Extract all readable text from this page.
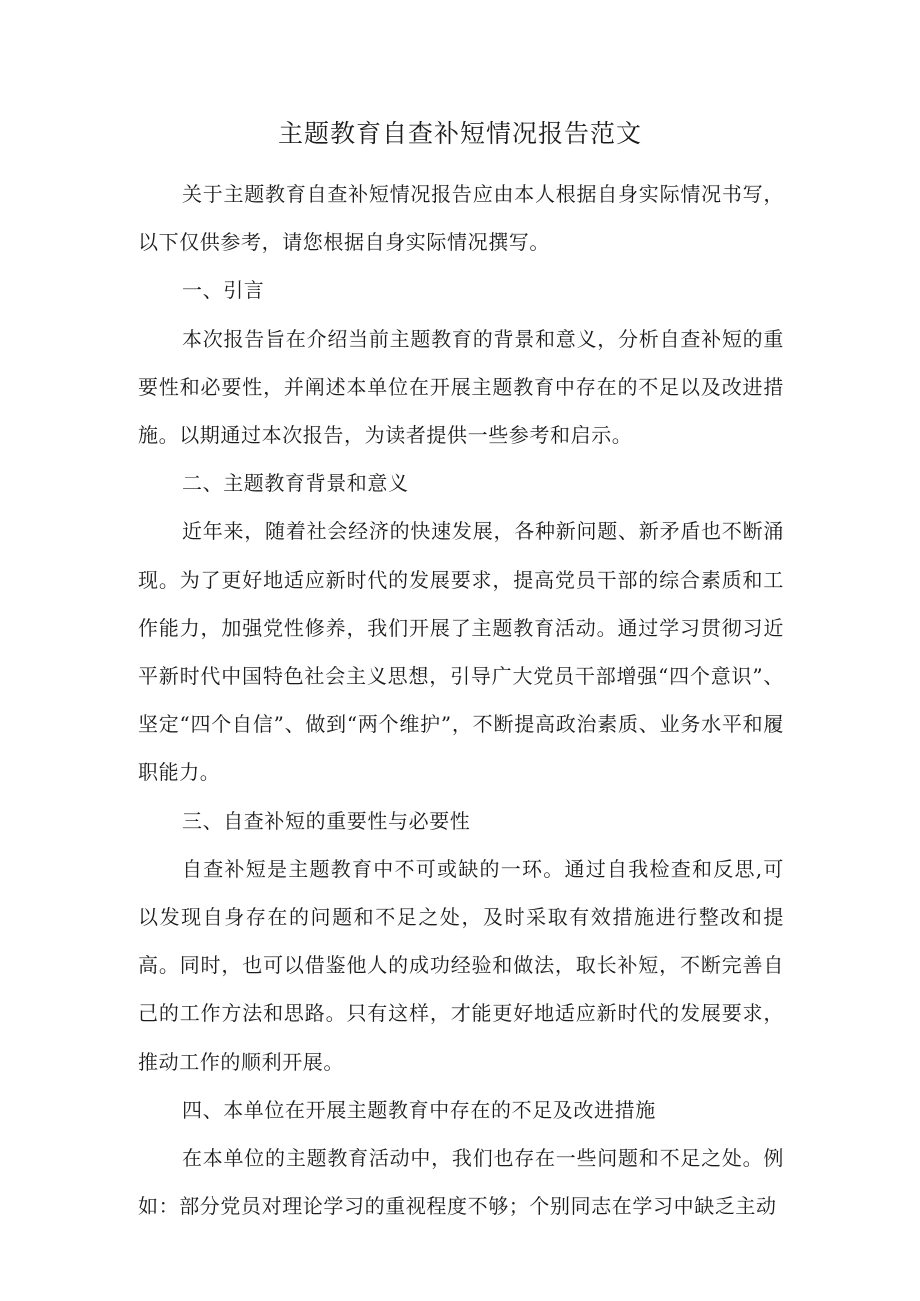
主题教育自查补短情况报告范文

关于主题教育自查补短情况报告应由本人根据自身实际情况书写，以下仅供参考，请您根据自身实际情况撰写。

一、引言

本次报告旨在介绍当前主题教育的背景和意义，分析自查补短的重要性和必要性，并阐述本单位在开展主题教育中存在的不足以及改进措施。以期通过本次报告，为读者提供一些参考和启示。

二、主题教育背景和意义

近年来，随着社会经济的快速发展，各种新问题、新矛盾也不断涌现。为了更好地适应新时代的发展要求，提高党员干部的综合素质和工作能力，加强党性修养，我们开展了主题教育活动。通过学习贯彻习近平新时代中国特色社会主义思想，引导广大党员干部增强“四个意识”、坚定“四个自信”、做到“两个维护”，不断提高政治素质、业务水平和履职能力。

三、自查补短的重要性与必要性

自查补短是主题教育中不可或缺的一环。通过自我检查和反思,可以发现自身存在的问题和不足之处，及时采取有效措施进行整改和提高。同时，也可以借鉴他人的成功经验和做法，取长补短，不断完善自己的工作方法和思路。只有这样，才能更好地适应新时代的发展要求，推动工作的顺利开展。

四、本单位在开展主题教育中存在的不足及改进措施

在本单位的主题教育活动中，我们也存在一些问题和不足之处。例如：部分党员对理论学习的重视程度不够；个别同志在学习中缺乏主动
